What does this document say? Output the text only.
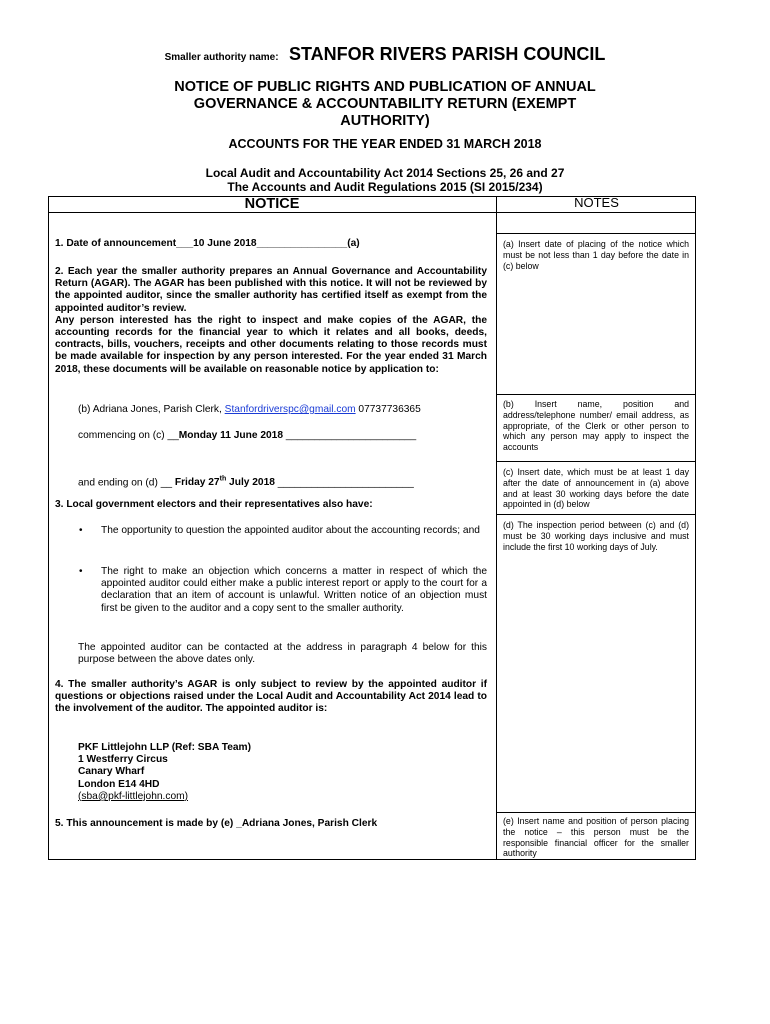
Smaller authority name: STANFOR RIVERS PARISH COUNCIL
NOTICE OF PUBLIC RIGHTS AND PUBLICATION OF ANNUAL
GOVERNANCE & ACCOUNTABILITY RETURN (EXEMPT
AUTHORITY)
ACCOUNTS FOR THE YEAR ENDED 31 MARCH 2018
Local Audit and Accountability Act 2014 Sections 25, 26 and 27
The Accounts and Audit Regulations 2015 (SI 2015/234)
NOTICE	NOTES
1. Date of announcement___10 June 2018________________(a)
2. Each year the smaller authority prepares an Annual Governance and Accountability Return (AGAR). The AGAR has been published with this notice. It will not be reviewed by the appointed auditor, since the smaller authority has certified itself as exempt from the appointed auditor’s review.
Any person interested has the right to inspect and make copies of the AGAR, the accounting records for the financial year to which it relates and all books, deeds, contracts, bills, vouchers, receipts and other documents relating to those records must be made available for inspection by any person interested. For the year ended 31 March 2018, these documents will be available on reasonable notice by application to:
(b) Adriana Jones, Parish Clerk, Stanfordriverspc@gmail.com 07737736365
commencing on (c) __Monday 11 June 2018 _______________________
and ending on (d) __ Friday 27th July 2018 ________________________
3. Local government electors and their representatives also have:
• The opportunity to question the appointed auditor about the accounting records; and
• The right to make an objection which concerns a matter in respect of which the appointed auditor could either make a public interest report or apply to the court for a declaration that an item of account is unlawful. Written notice of an objection must first be given to the auditor and a copy sent to the smaller authority.
The appointed auditor can be contacted at the address in paragraph 4 below for this purpose between the above dates only.
4. The smaller authority’s AGAR is only subject to review by the appointed auditor if questions or objections raised under the Local Audit and Accountability Act 2014 lead to the involvement of the auditor. The appointed auditor is:
PKF Littlejohn LLP (Ref: SBA Team)
1 Westferry Circus
Canary Wharf
London E14 4HD
(sba@pkf-littlejohn.com)
5. This announcement is made by (e) _Adriana Jones, Parish Clerk
(a) Insert date of placing of the notice which must be not less than 1 day before the date in (c) below
(b) Insert name, position and address/telephone number/ email address, as appropriate, of the Clerk or other person to which any person may apply to inspect the accounts
(c) Insert date, which must be at least 1 day after the date of announcement in (a) above and at least 30 working days before the date appointed in (d) below
(d) The inspection period between (c) and (d) must be 30 working days inclusive and must include the first 10 working days of July.
(e) Insert name and position of person placing the notice – this person must be the responsible financial officer for the smaller authority
